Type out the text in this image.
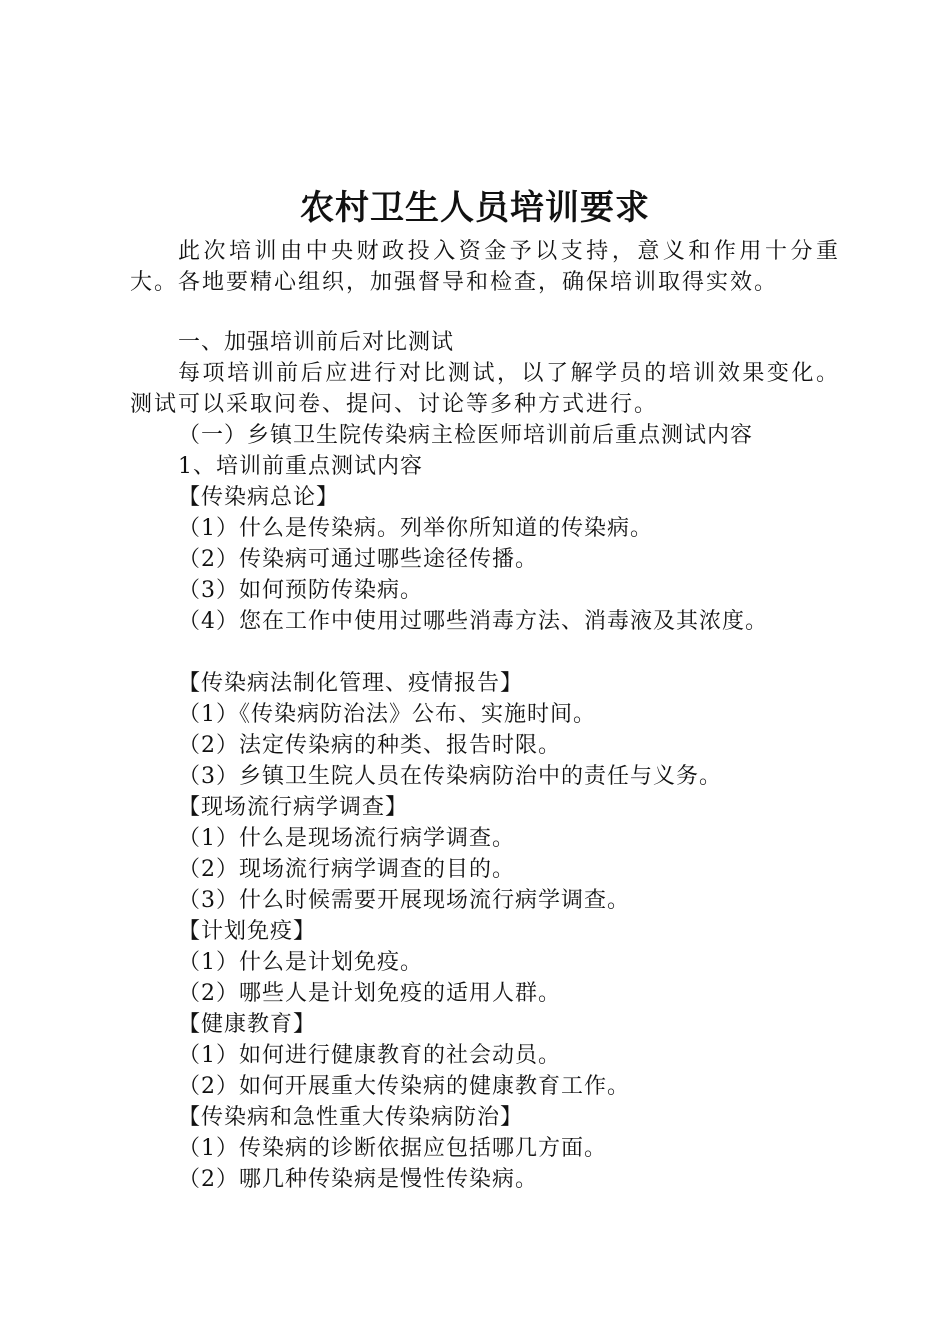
农村卫生人员培训要求

此次培训由中央财政投入资金予以支持，意义和作用十分重大。各地要精心组织，加强督导和检查，确保培训取得实效。

一、加强培训前后对比测试

每项培训前后应进行对比测试，以了解学员的培训效果变化。测试可以采取问卷、提问、讨论等多种方式进行。

（一）乡镇卫生院传染病主检医师培训前后重点测试内容

1、培训前重点测试内容

【传染病总论】

（1）什么是传染病。列举你所知道的传染病。

（2）传染病可通过哪些途径传播。

（3）如何预防传染病。

（4）您在工作中使用过哪些消毒方法、消毒液及其浓度。

【传染病法制化管理、疫情报告】

（1）《传染病防治法》公布、实施时间。

（2）法定传染病的种类、报告时限。

（3）乡镇卫生院人员在传染病防治中的责任与义务。

【现场流行病学调查】

（1）什么是现场流行病学调查。

（2）现场流行病学调查的目的。

（3）什么时候需要开展现场流行病学调查。

【计划免疫】

（1）什么是计划免疫。

（2）哪些人是计划免疫的适用人群。

【健康教育】

（1）如何进行健康教育的社会动员。

（2）如何开展重大传染病的健康教育工作。

【传染病和急性重大传染病防治】

（1）传染病的诊断依据应包括哪几方面。

（2）哪几种传染病是慢性传染病。
